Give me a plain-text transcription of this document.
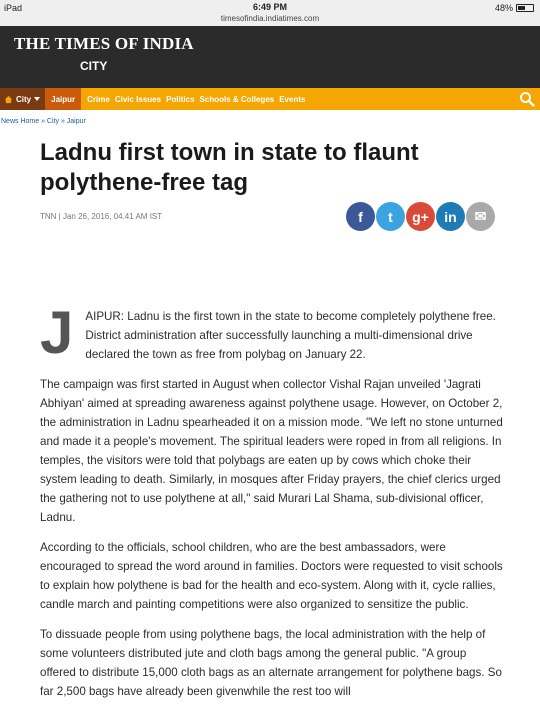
iPad	6:49 PM
timesofindia.indiatimes.com
48%
THE TIMES OF INDIA
CITY
City	Jaipur	Crime Civic Issues Politics Schools & Colleges Events
News Home » City » Jaipur
Ladnu first town in state to flaunt polythene-free tag
TNN | Jan 26, 2016, 04.41 AM IST	f	t	g+	in	✉

J AIPUR: Ladnu is the first town in the state to become completely polythene free. District administration after successfully launching a multi-dimensional drive declared the town as free from polybag on January 22.

The campaign was first started in August when collector Vishal Rajan unveiled 'Jagrati Abhiyan' aimed at spreading awareness against polythene usage. However, on October 2, the administration in Ladnu spearheaded it on a mission mode. "We left no stone unturned and made it a people's movement. The spiritual leaders were roped in from all religions. In temples, the visitors were told that polybags are eaten up by cows which choke their system leading to death. Similarly, in mosques after Friday prayers, the chief clerics urged the gathering not to use polythene at all," said Murari Lal Shama, sub-divisional officer, Ladnu.

According to the officials, school children, who are the best ambassadors, were encouraged to spread the word around in families. Doctors were requested to visit schools to explain how polythene is bad for the health and eco-system. Along with it, cycle rallies, candle march and painting competitions were also organized to sensitize the public.

To dissuade people from using polythene bags, the local administration with the help of some volunteers distributed jute and cloth bags among the general public. "A group offered to distribute 15,000 cloth bags as an alternate arrangement for polythene bags. So far 2,500 bags have already been givenwhile the rest too will
